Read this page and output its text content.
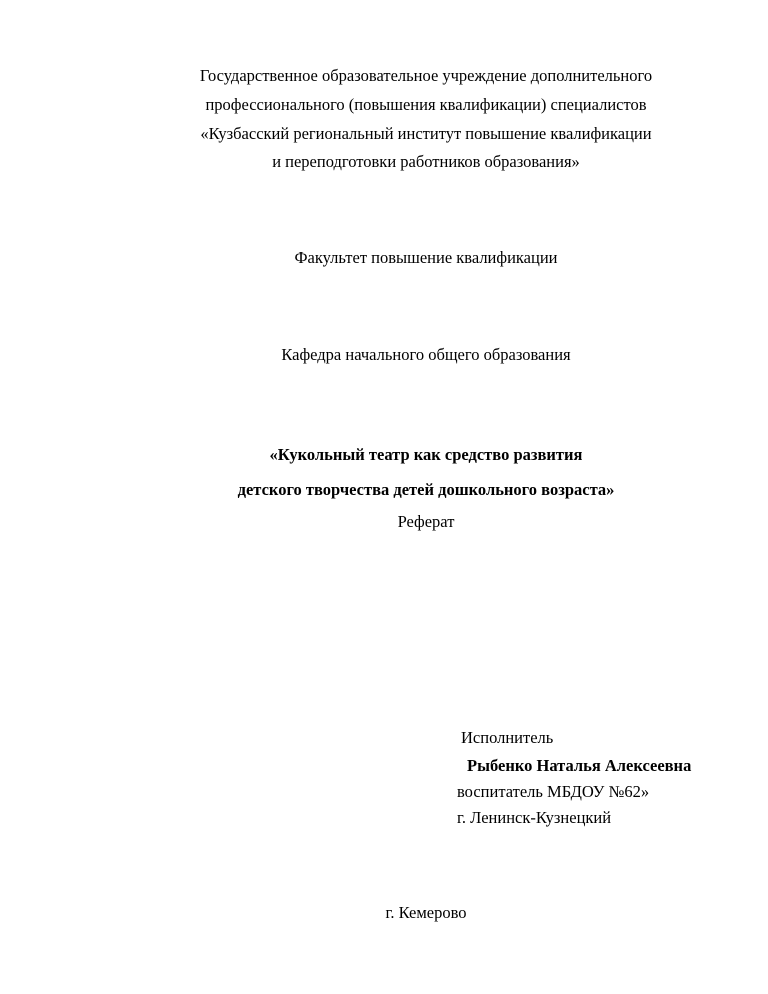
Государственное образовательное учреждение дополнительного
профессионального (повышения квалификации) специалистов
«Кузбасский региональный институт повышение квалификации
и переподготовки работников образования»
Факультет повышение квалификации
Кафедра начального общего образования
«Кукольный театр как средство развития
детского творчества детей дошкольного возраста»
Реферат
Исполнитель
Рыбенко Наталья Алексеевна
воспитатель МБДОУ №62»
г. Ленинск-Кузнецкий
г. Кемерово
